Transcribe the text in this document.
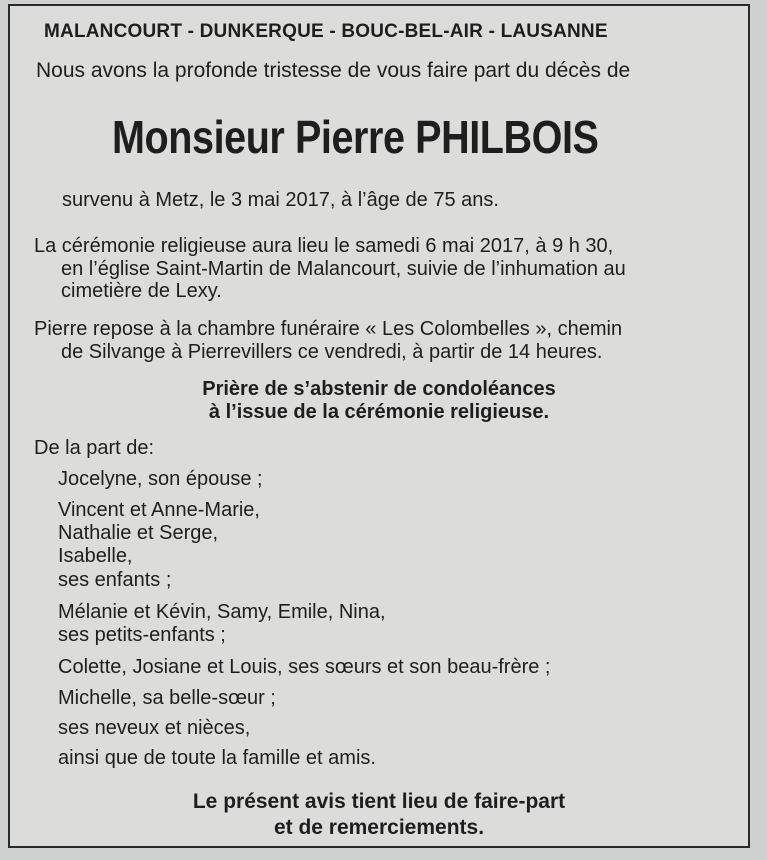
MALANCOURT - DUNKERQUE - BOUC-BEL-AIR - LAUSANNE
Nous avons la profonde tristesse de vous faire part du décès de
Monsieur Pierre PHILBOIS
survenu à Metz, le 3 mai 2017, à l’âge de 75 ans.
La cérémonie religieuse aura lieu le samedi 6 mai 2017, à 9 h 30,
en l’église Saint-Martin de Malancourt, suivie de l’inhumation au
cimetière de Lexy.
Pierre repose à la chambre funéraire « Les Colombelles », chemin
de Silvange à Pierrevillers ce vendredi, à partir de 14 heures.
Prière de s’abstenir de condoléances
à l’issue de la cérémonie religieuse.
De la part de:
Jocelyne, son épouse ;
Vincent et Anne-Marie,
Nathalie et Serge,
Isabelle,
ses enfants ;
Mélanie et Kévin, Samy, Emile, Nina,
ses petits-enfants ;
Colette, Josiane et Louis, ses sœurs et son beau-frère ;
Michelle, sa belle-sœur ;
ses neveux et nièces,
ainsi que de toute la famille et amis.
Le présent avis tient lieu de faire-part
et de remerciements.
